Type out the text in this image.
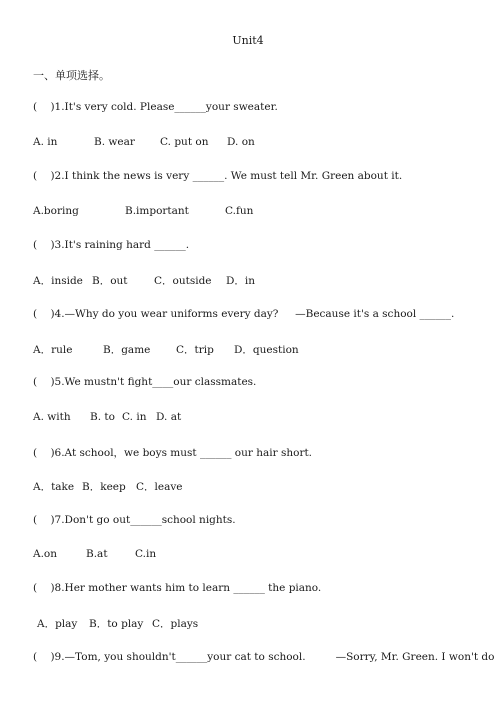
Unit4
一、单项选择。
(    )1.It's very cold. Please______your sweater.
A. in	B. wear C. put on D. on
(    )2.I think the news is very ______. We must tell Mr. Green about it.
A.boring	B.important	C.fun
(    )3.It's raining hard ______.
A．inside B．out	C．outside D．in
(    )4.—Why do you wear uniforms every day?     —Because it's a school ______.
A．rule	B．game C．trip D．question
(    )5.We mustn't fight____our classmates.
A. with B. to C. in D. at
(    )6.At school，we boys must ______ our hair short.
A．take B．keep C．leave
(    )7.Don't go out______school nights.
A.on	B.at	C.in
(    )8.Her mother wants him to learn ______ the piano.
A．play B．to play C．plays
(    )9.—Tom, you shouldn't______your cat to school.         —Sorry, Mr. Green. I won't do
